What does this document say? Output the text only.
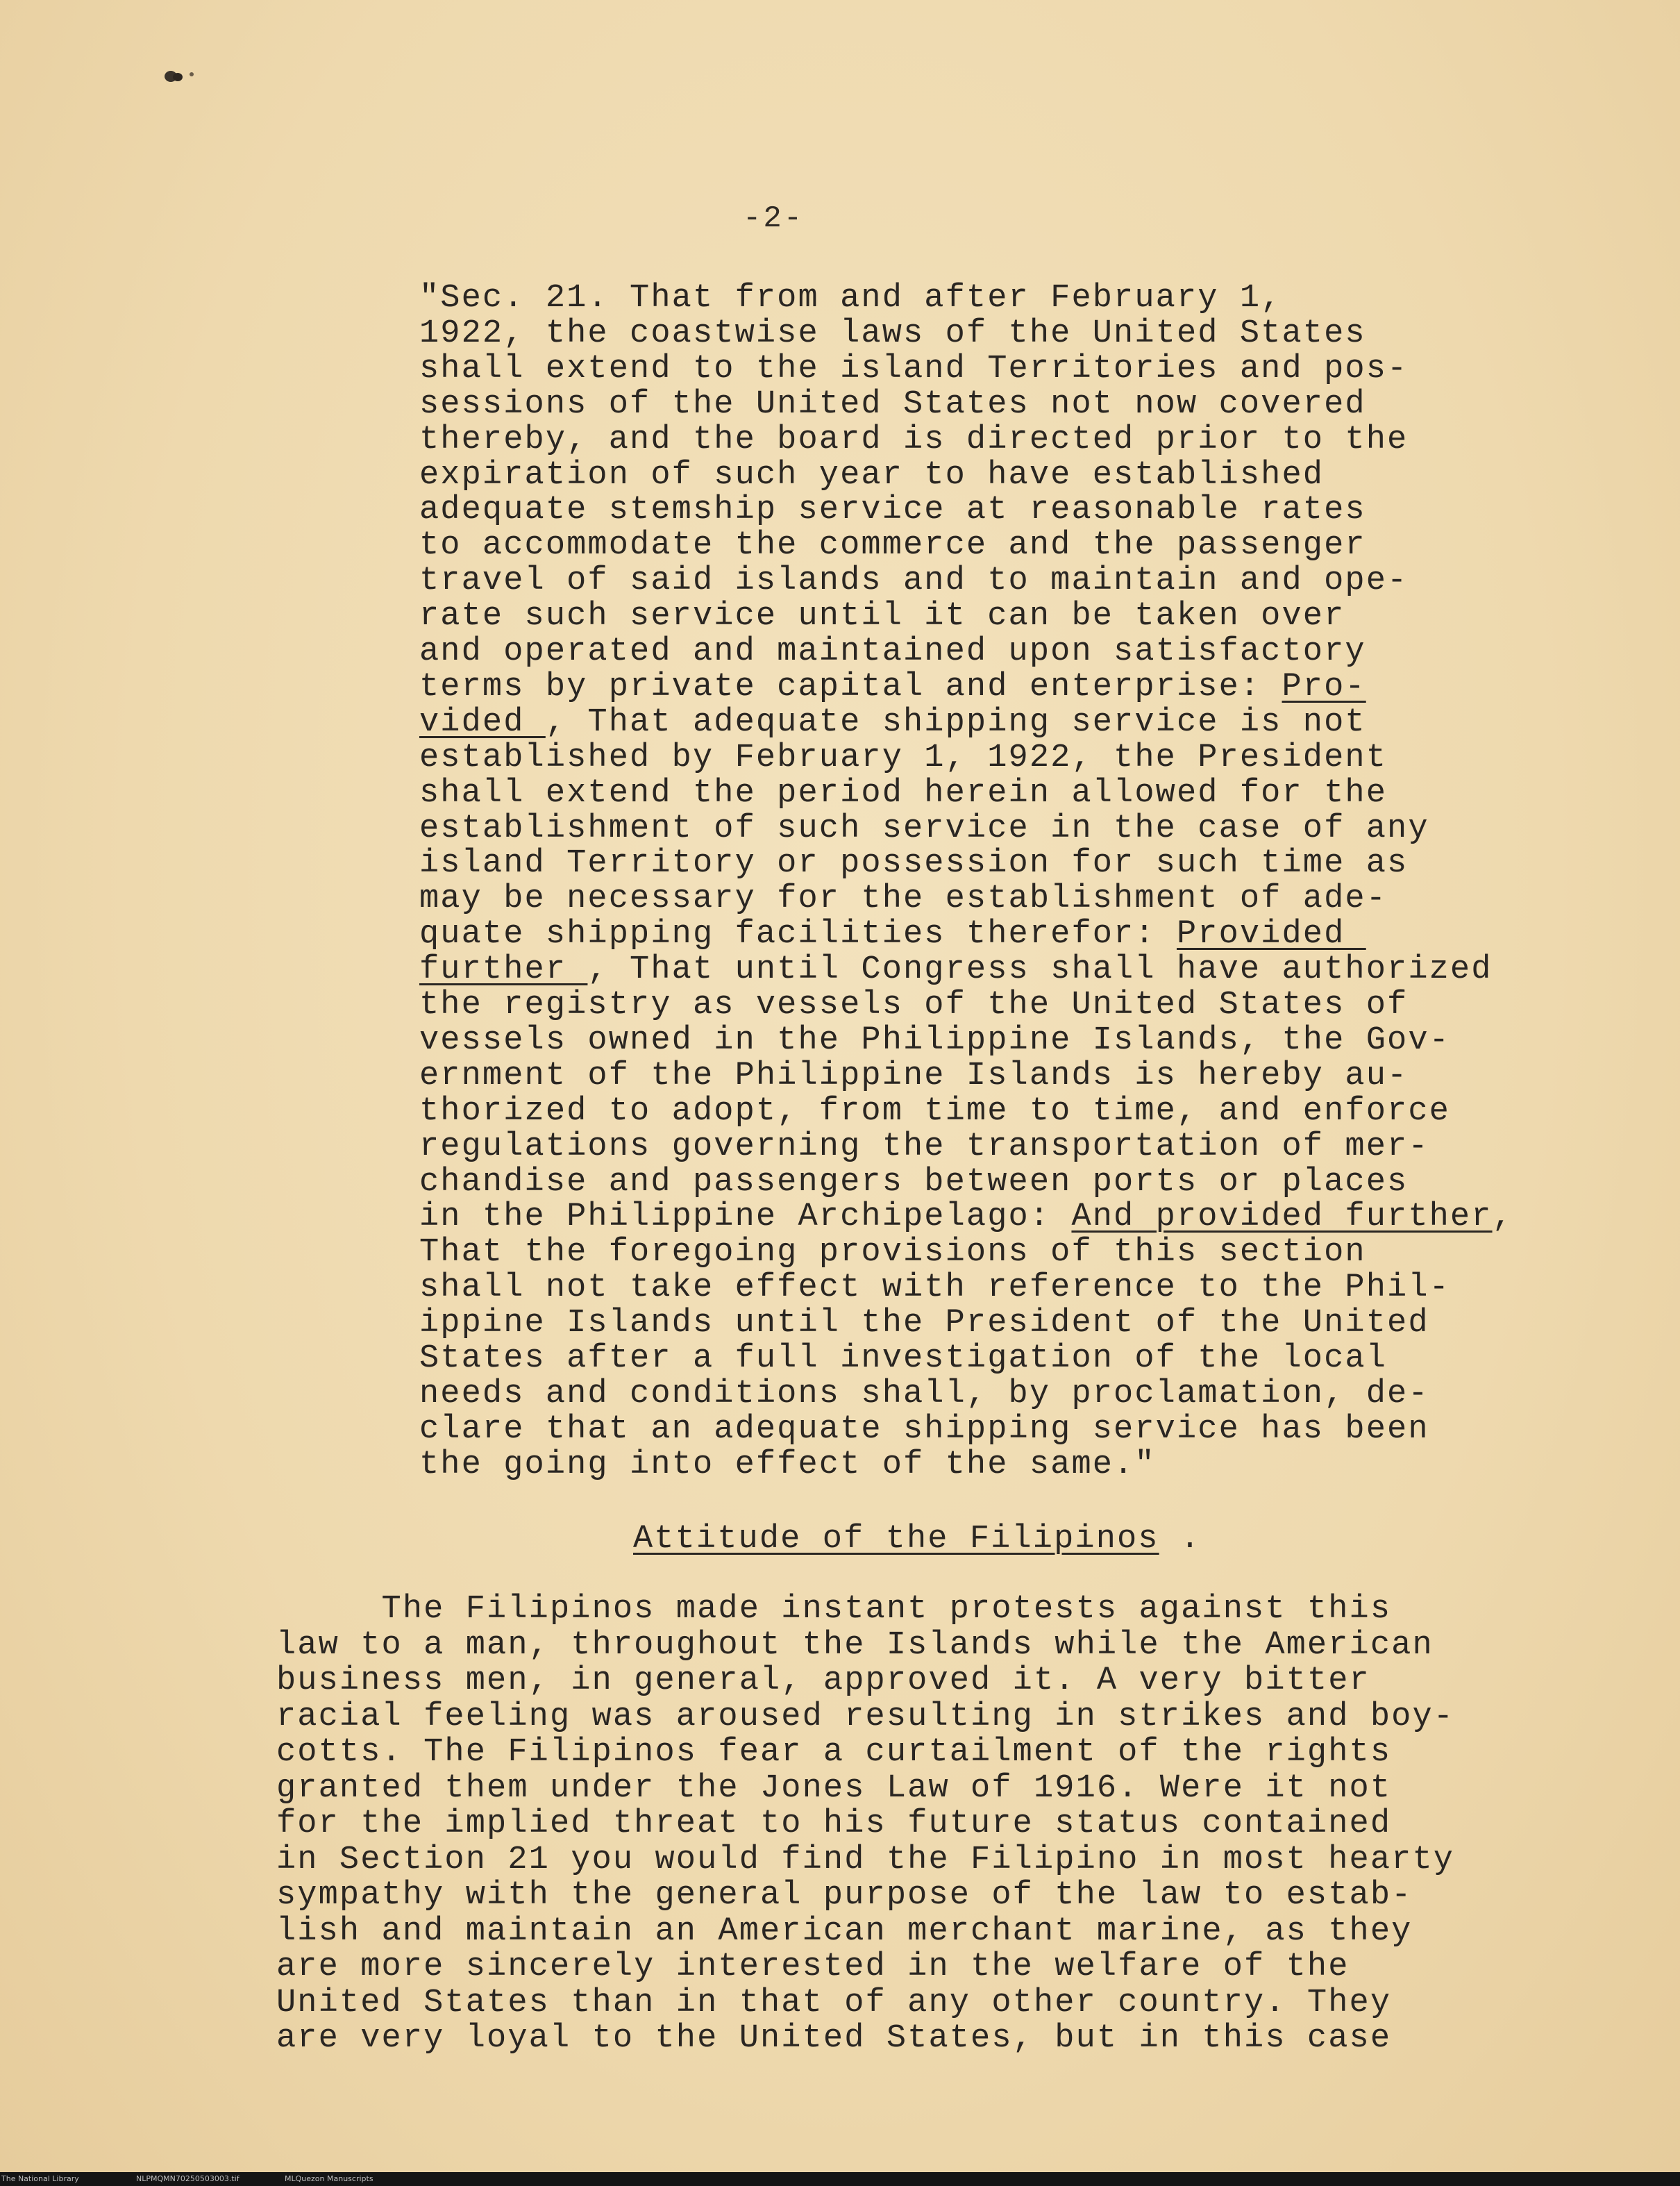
-2-
"Sec. 21. That from and after February 1,
1922, the coastwise laws of the United States
shall extend to the island Territories and pos-
sessions of the United States not now covered
thereby, and the board is directed prior to the
expiration of such year to have established
adequate stemship service at reasonable rates
to accommodate the commerce and the passenger
travel of said islands and to maintain and ope-
rate such service until it can be taken over
and operated and maintained upon satisfactory
terms by private capital and enterprise: Pro-
vided , That adequate shipping service is not
established by February 1, 1922, the President
shall extend the period herein allowed for the
establishment of such service in the case of any
island Territory or possession for such time as
may be necessary for the establishment of ade-
quate shipping facilities therefor: Provided
further , That until Congress shall have authorized
the registry as vessels of the United States of
vessels owned in the Philippine Islands, the Gov-
ernment of the Philippine Islands is hereby au-
thorized to adopt, from time to time, and enforce
regulations governing the transportation of mer-
chandise and passengers between ports or places
in the Philippine Archipelago: And provided further,
That the foregoing provisions of this section
shall not take effect with reference to the Phil-
ippine Islands until the President of the United
States after a full investigation of the local
needs and conditions shall, by proclamation, de-
clare that an adequate shipping service has been
the going into effect of the same."
Attitude of the Filipinos .
The Filipinos made instant protests against this
law to a man, throughout the Islands while the American
business men, in general, approved it. A very bitter
racial feeling was aroused resulting in strikes and boy-
cotts. The Filipinos fear a curtailment of the rights
granted them under the Jones Law of 1916. Were it not
for the implied threat to his future status contained
in Section 21 you would find the Filipino in most hearty
sympathy with the general purpose of the law to estab-
lish and maintain an American merchant marine, as they
are more sincerely interested in the welfare of the
United States than in that of any other country. They
are very loyal to the United States, but in this case
The National Library	NLPMQMN70250503003.tif	MLQuezon Manuscripts
